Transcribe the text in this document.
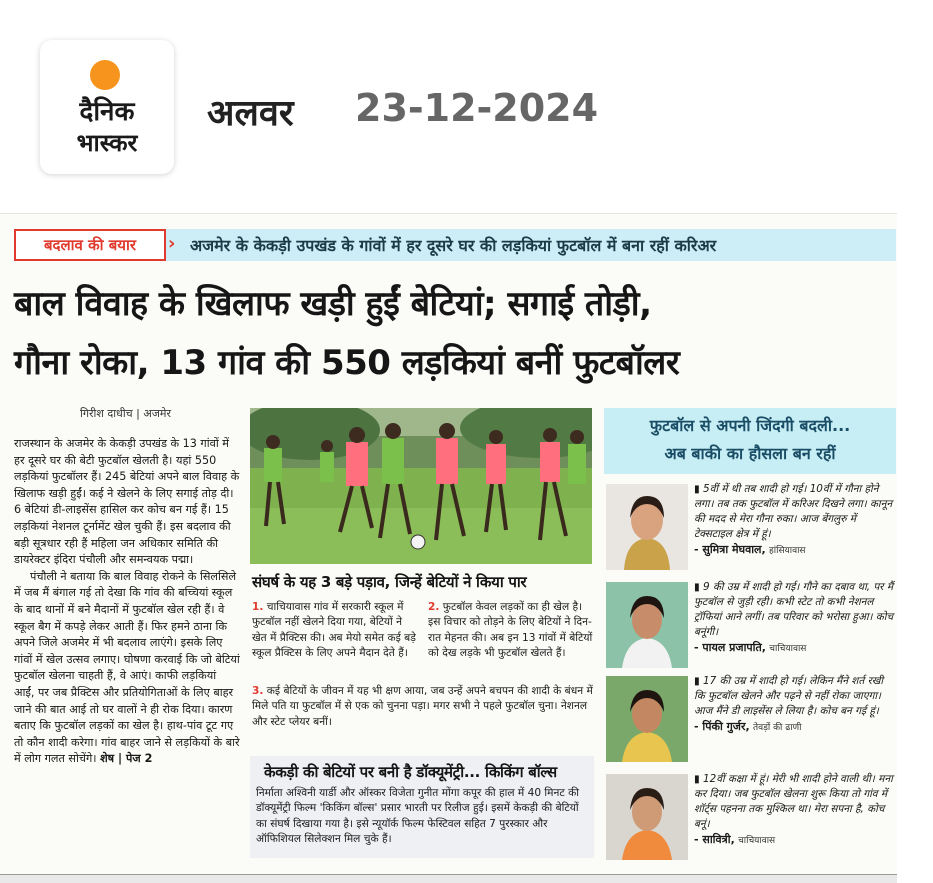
दैनिक
भास्कर
अलवर 23-12-2024
बदलाव की बयार	› अजमेर के केकड़ी उपखंड के गांवों में हर दूसरे घर की लड़कियां फुटबॉल में बना रहीं करिअर
बाल विवाह के खिलाफ खड़ी हुईं बेटियां; सगाई तोड़ी,
गौना रोका, 13 गांव की 550 लड़कियां बनीं फुटबॉलर
गिरीश दाधीच | अजमेर

राजस्थान के अजमेर के केकड़ी उपखंड के 13 गांवों में हर दूसरे घर की बेटी फुटबॉल खेलती है। यहां 550 लड़कियां फुटबॉलर हैं। 245 बेटियां अपने बाल विवाह के खिलाफ खड़ी हुईं। कई ने खेलने के लिए सगाई तोड़ दी। 6 बेटियां डी-लाइसेंस हासिल कर कोच बन गई हैं। 15 लड़कियां नेशनल टूर्नामेंट खेल चुकी हैं। इस बदलाव की बड़ी सूत्रधार रही हैं महिला जन अधिकार समिति की डायरेक्टर इंदिरा पंचौली और समन्वयक पद्मा।

पंचौली ने बताया कि बाल विवाह रोकने के सिलसिले में जब मैं बंगाल गई तो देखा कि गांव की बच्चियां स्कूल के बाद थानों में बने मैदानों में फुटबॉल खेल रही हैं। वे स्कूल बैग में कपड़े लेकर आती हैं। फिर हमने ठाना कि अपने जिले अजमेर में भी बदलाव लाएंगे। इसके लिए गांवों में खेल उत्सव लगाए। घोषणा करवाई कि जो बेटियां फुटबॉल खेलना चाहती हैं, वे आएं। काफी लड़कियां आईं, पर जब प्रैक्टिस और प्रतियोगिताओं के लिए बाहर जाने की बात आई तो घर वालों ने ही रोक दिया। कारण बताए कि फुटबॉल लड़कों का खेल है। हाथ-पांव टूट गए तो कौन शादी करेगा। गांव बाहर जाने से लड़कियों के बारे में लोग गलत सोचेंगे। शेष | पेज 2

संघर्ष के यह 3 बड़े पड़ाव, जिन्हें बेटियों ने किया पार
1. चाचियावास गांव में सरकारी स्कूल में फुटबॉल नहीं खेलने दिया गया, बेटियों ने खेत में प्रैक्टिस की। अब मेयो समेत कई बड़े स्कूल प्रैक्टिस के लिए अपने मैदान देते हैं।
2. फुटबॉल केवल लड़कों का ही खेल है। इस विचार को तोड़ने के लिए बेटियों ने दिन-रात मेहनत की। अब इन 13 गांवों में बेटियों को देख लड़के भी फुटबॉल खेलते हैं।
3. कई बेटियों के जीवन में यह भी क्षण आया, जब उन्हें अपने बचपन की शादी के बंधन में मिले पति या फुटबॉल में से एक को चुनना पड़ा। मगर सभी ने पहले फुटबॉल चुना। नेशनल और स्टेट प्लेयर बनीं।
केकड़ी की बेटियों पर बनी है डॉक्यूमेंट्री... किकिंग बॉल्स
निर्माता अश्विनी यार्डी और ऑस्कर विजेता गुनीत मोंगा कपूर की हाल में 40 मिनट की डॉक्यूमेंट्री फिल्म 'किकिंग बॉल्स' प्रसार भारती पर रिलीज हुई। इसमें केकड़ी की बेटियों का संघर्ष दिखाया गया है। इसे न्यूयॉर्क फिल्म फेस्टिवल सहित 7 पुरस्कार और ऑफिशियल सिलेक्शन मिल चुके हैं।
फुटबॉल से अपनी जिंदगी बदली...
अब बाकी का हौसला बन रहीं
▮ 5वीं में थी तब शादी हो गई। 10वीं में गौना होने लगा। तब तक फुटबॉल में करिअर दिखने लगा। कानून की मदद से मेरा गौना रुका। आज बेंगलुरु में टेक्सटाइल क्षेत्र में हूं।
- सुमित्रा मेघवाल, हांसियावास
▮ 9 की उम्र में शादी हो गई। गौने का दबाव था, पर मैं फुटबॉल से जुड़ी रही। कभी स्टेट तो कभी नेशनल ट्रॉफियां आने लगीं। तब परिवार को भरोसा हुआ। कोच बनूंगी।
- पायल प्रजापति, चाचियावास
▮ 17 की उम्र में शादी हो गई। लेकिन मैंने शर्त रखी कि फुटबॉल खेलने और पढ़ने से नहीं रोका जाएगा। आज मैंने डी लाइसेंस ले लिया है। कोच बन गई हूं।
- पिंकी गुर्जर, तेवड़ों की ढाणी
▮ 12वीं कक्षा में हूं। मेरी भी शादी होने वाली थी। मना कर दिया। जब फुटबॉल खेलना शुरू किया तो गांव में शॉर्ट्स पहनना तक मुश्किल था। मेरा सपना है, कोच बनूं।
- सावित्री, चाचियावास
